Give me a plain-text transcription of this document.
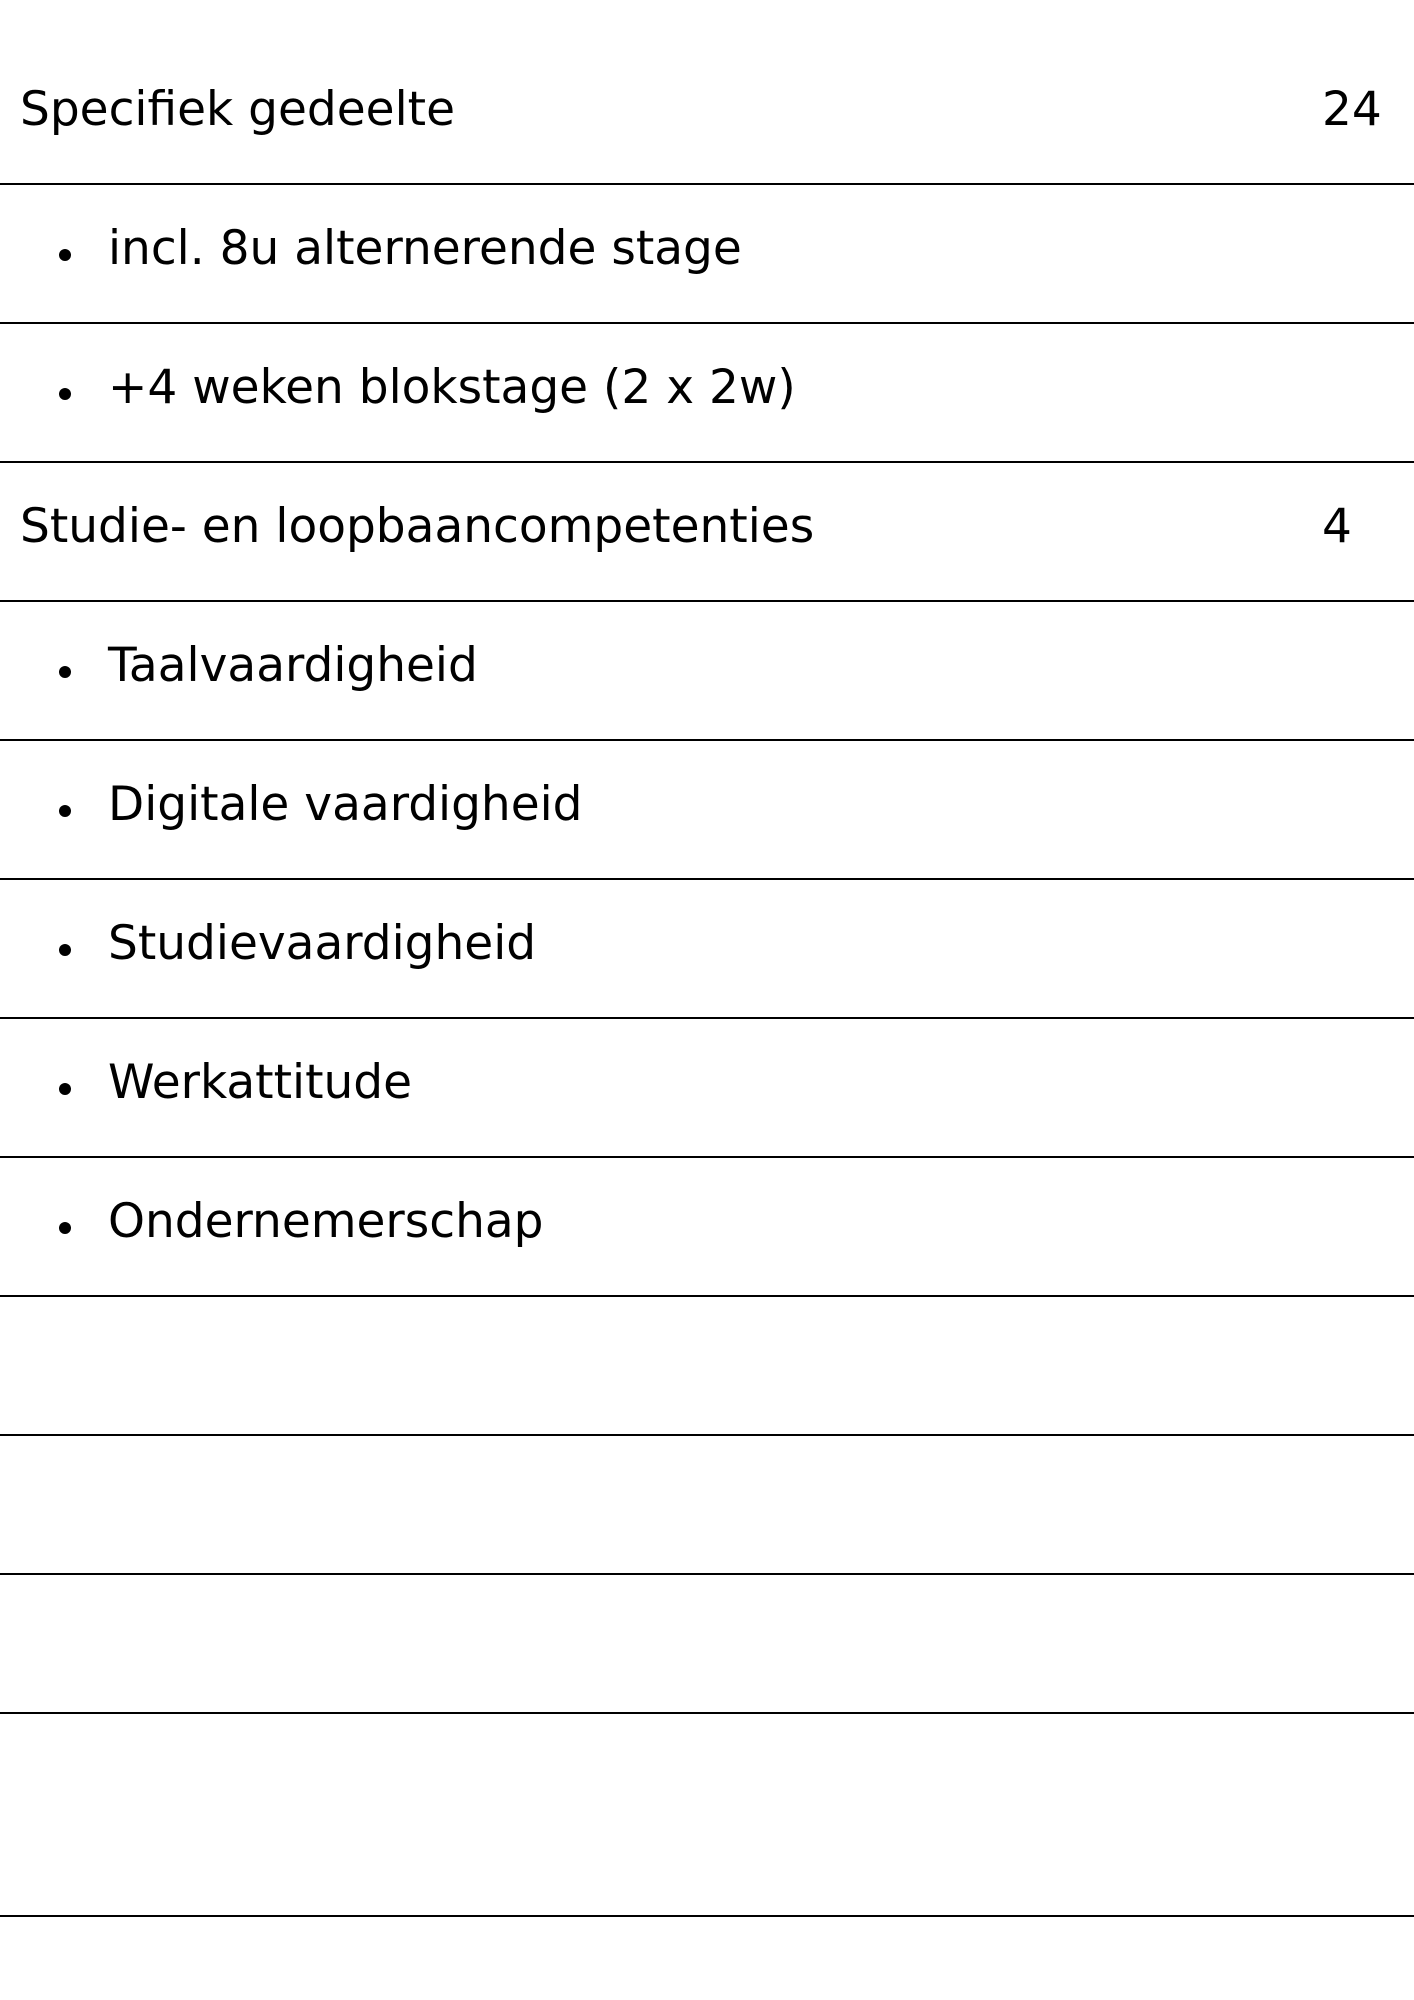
Specifiek gedeelte	24
incl. 8u alternerende stage
+4 weken blokstage (2 x 2w)
Studie- en loopbaancompetenties	4
Taalvaardigheid
Digitale vaardigheid
Studievaardigheid
Werkattitude
Ondernemerschap
